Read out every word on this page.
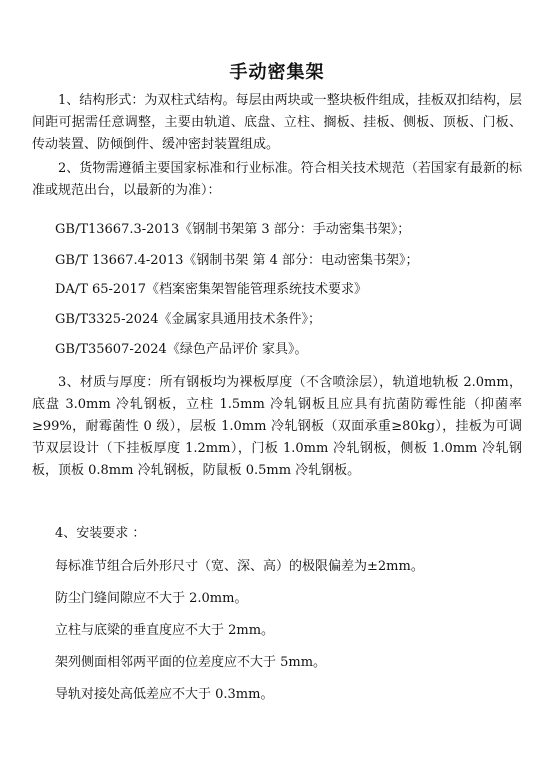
手动密集架

1、结构形式：为双柱式结构。每层由两块或一整块板件组成，挂板双扣结构，层间距可据需任意调整，主要由轨道、底盘、立柱、搁板、挂板、侧板、顶板、门板、传动装置、防倾倒件、缓冲密封装置组成。

2、货物需遵循主要国家标准和行业标准。符合相关技术规范（若国家有最新的标准或规范出台，以最新的为准）：

GB/T13667.3-2013《钢制书架第 3 部分：手动密集书架》；

GB/T 13667.4-2013《钢制书架 第 4 部分：电动密集书架》；

DA/T 65-2017《档案密集架智能管理系统技术要求》

GB/T3325-2024《金属家具通用技术条件》；

GB/T35607-2024《绿色产品评价 家具》。

3、材质与厚度：所有钢板均为裸板厚度（不含喷涂层），轨道地轨板 2.0mm，底盘 3.0mm 冷轧钢板，立柱 1.5mm 冷轧钢板且应具有抗菌防霉性能（抑菌率≥99%，耐霉菌性 0 级），层板 1.0mm 冷轧钢板（双面承重≥80kg），挂板为可调节双层设计（下挂板厚度 1.2mm），门板 1.0mm 冷轧钢板，侧板 1.0mm 冷轧钢板，顶板 0.8mm 冷轧钢板，防鼠板 0.5mm 冷轧钢板。

4、安装要求 ：

每标准节组合后外形尺寸（宽、深、高）的极限偏差为±2mm。

防尘门缝间隙应不大于 2.0mm。

立柱与底梁的垂直度应不大于 2mm。

架列侧面相邻两平面的位差度应不大于 5mm。

导轨对接处高低差应不大于 0.3mm。
